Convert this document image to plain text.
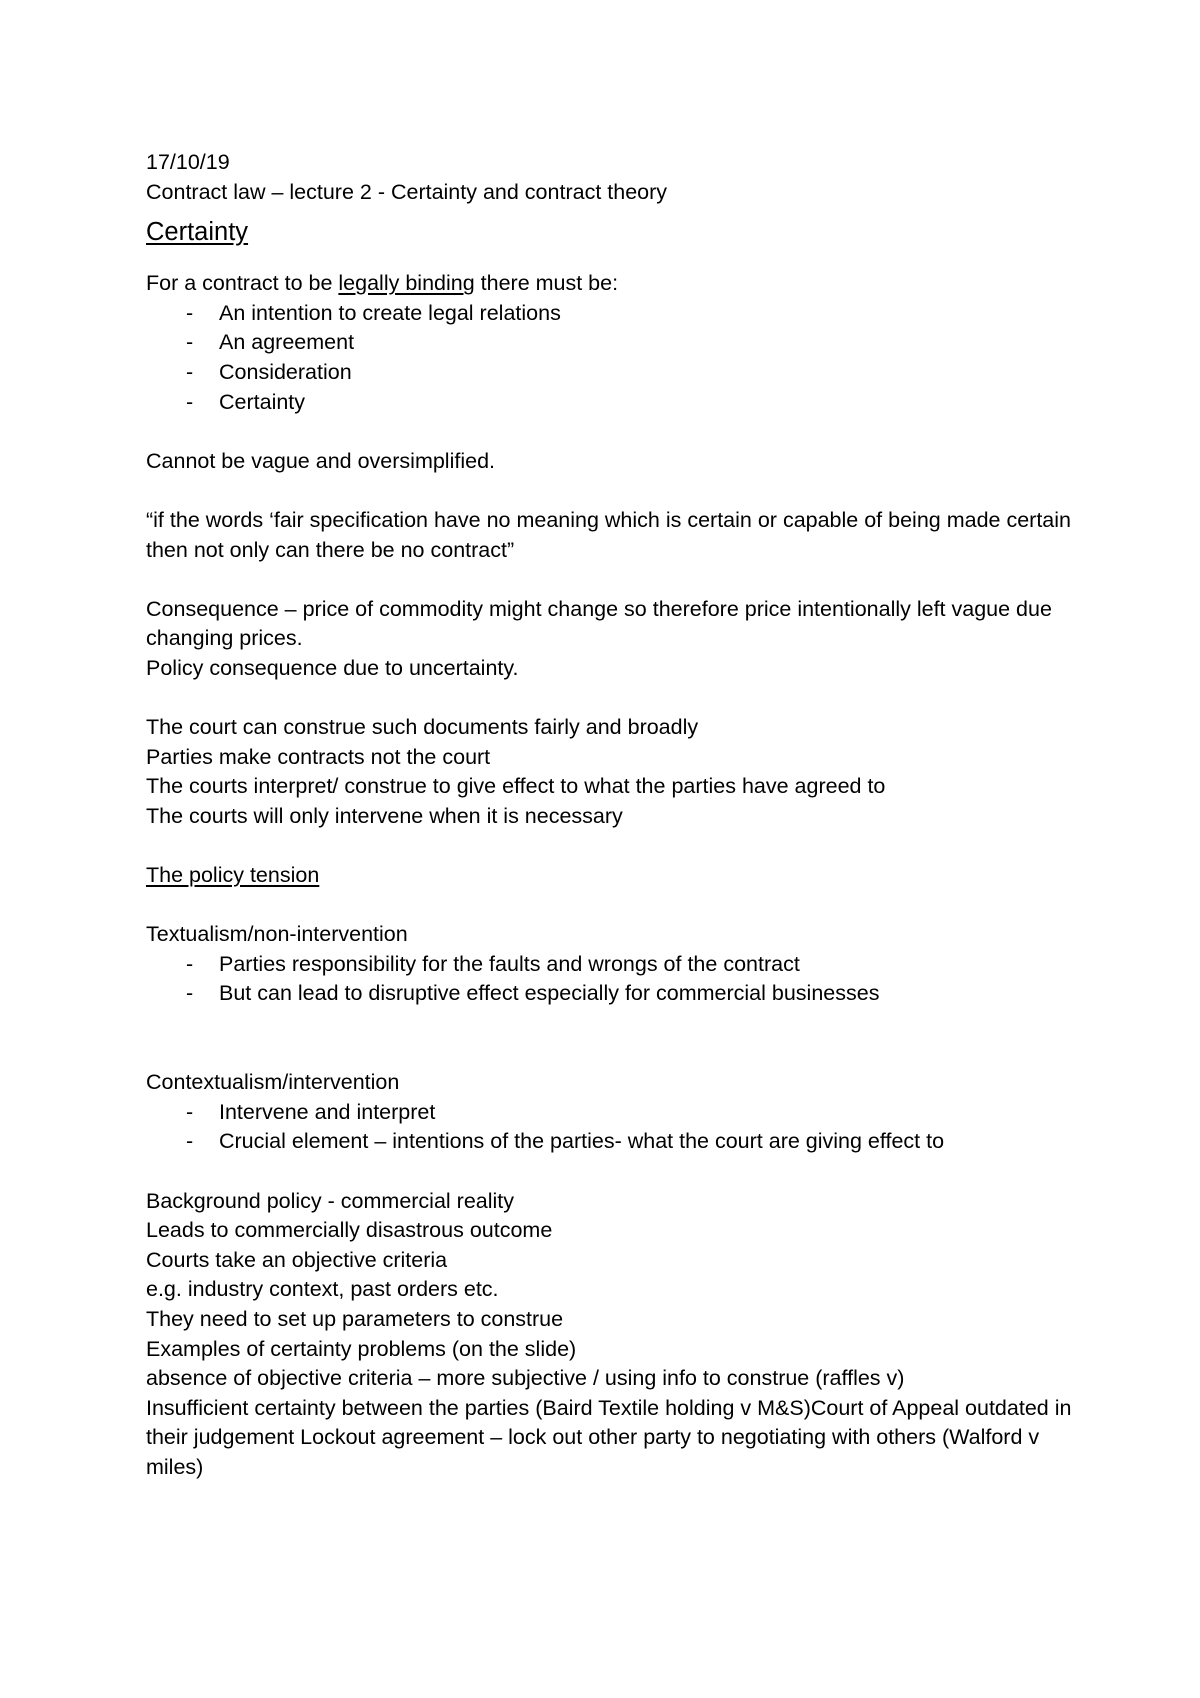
17/10/19

Contract law – lecture 2 - Certainty and contract theory

Certainty

For a contract to be legally binding there must be:

- An intention to create legal relations
- An agreement
- Consideration
- Certainty

Cannot be vague and oversimplified.

“if the words ‘fair specification have no meaning which is certain or capable of being made certain then not only can there be no contract”

Consequence – price of commodity might change so therefore price intentionally left vague due changing prices.

Policy consequence due to uncertainty.

The court can construe such documents fairly and broadly

Parties make contracts not the court

The courts interpret/ construe to give effect to what the parties have agreed to

The courts will only intervene when it is necessary

The policy tension

Textualism/non-intervention

- Parties responsibility for the faults and wrongs of the contract
- But can lead to disruptive effect especially for commercial businesses

Contextualism/intervention

- Intervene and interpret
- Crucial element – intentions of the parties- what the court are giving effect to

Background policy - commercial reality

Leads to commercially disastrous outcome

Courts take an objective criteria

e.g. industry context, past orders etc.

They need to set up parameters to construe

Examples of certainty problems (on the slide)

absence of objective criteria – more subjective / using info to construe (raffles v)

Insufficient certainty between the parties (Baird Textile holding v M&S)Court of Appeal outdated in their judgement Lockout agreement – lock out other party to negotiating with others (Walford v miles)
